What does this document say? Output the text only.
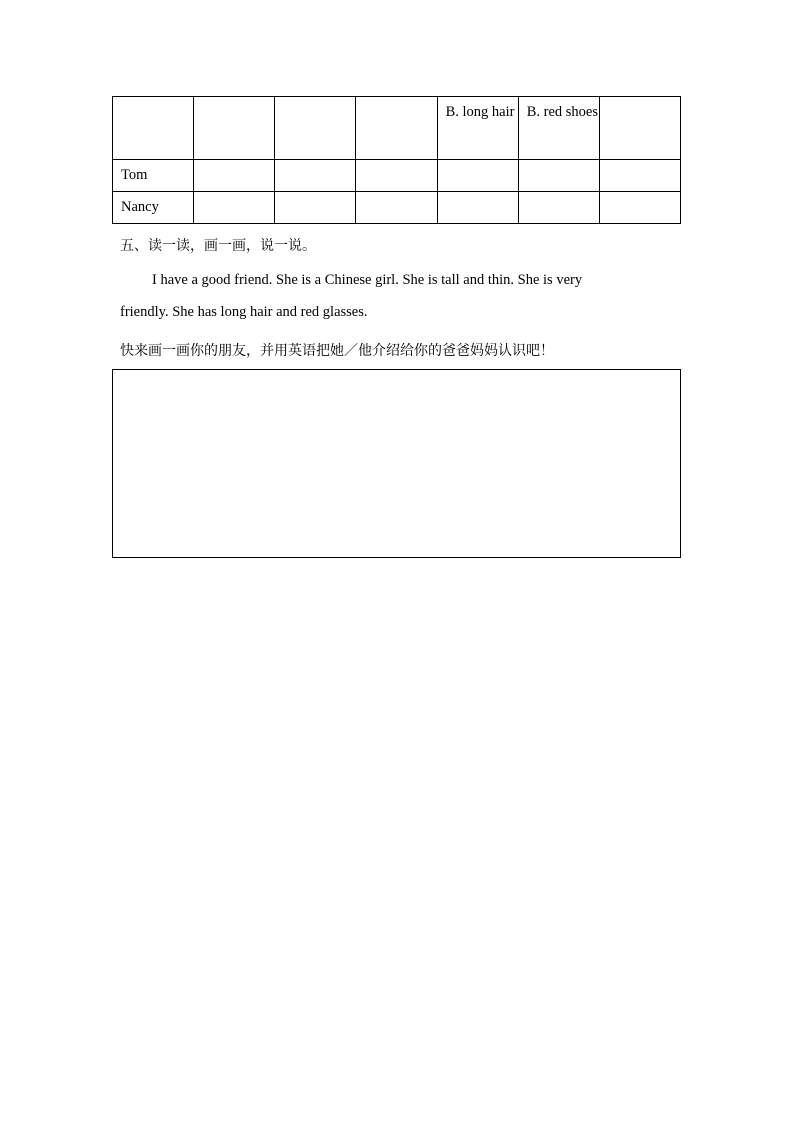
				B. long hair	B. red shoes	
Tom						
Nancy						
五、读一读，画一画，说一说。
I have a good friend. She is a Chinese girl. She is tall and thin. She is very
friendly. She has long hair and red glasses.
快来画一画你的朋友，并用英语把她／他介绍给你的爸爸妈妈认识吧！
